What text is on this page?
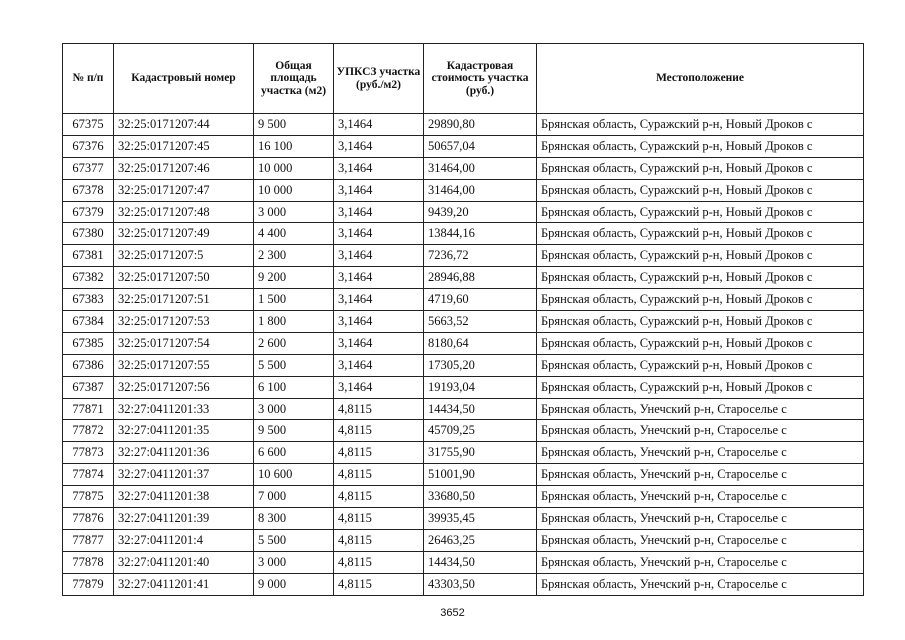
№ п/п	Кадастровый номер	Общая площадь участка (м2)	УПКСЗ участка (руб./м2)	Кадастровая стоимость участка (руб.)	Местоположение
67375	32:25:0171207:44	9 500	3,1464	29890,80	Брянская область, Суражский р-н, Новый Дроков с
67376	32:25:0171207:45	16 100	3,1464	50657,04	Брянская область, Суражский р-н, Новый Дроков с
67377	32:25:0171207:46	10 000	3,1464	31464,00	Брянская область, Суражский р-н, Новый Дроков с
67378	32:25:0171207:47	10 000	3,1464	31464,00	Брянская область, Суражский р-н, Новый Дроков с
67379	32:25:0171207:48	3 000	3,1464	9439,20	Брянская область, Суражский р-н, Новый Дроков с
67380	32:25:0171207:49	4 400	3,1464	13844,16	Брянская область, Суражский р-н, Новый Дроков с
67381	32:25:0171207:5	2 300	3,1464	7236,72	Брянская область, Суражский р-н, Новый Дроков с
67382	32:25:0171207:50	9 200	3,1464	28946,88	Брянская область, Суражский р-н, Новый Дроков с
67383	32:25:0171207:51	1 500	3,1464	4719,60	Брянская область, Суражский р-н, Новый Дроков с
67384	32:25:0171207:53	1 800	3,1464	5663,52	Брянская область, Суражский р-н, Новый Дроков с
67385	32:25:0171207:54	2 600	3,1464	8180,64	Брянская область, Суражский р-н, Новый Дроков с
67386	32:25:0171207:55	5 500	3,1464	17305,20	Брянская область, Суражский р-н, Новый Дроков с
67387	32:25:0171207:56	6 100	3,1464	19193,04	Брянская область, Суражский р-н, Новый Дроков с
77871	32:27:0411201:33	3 000	4,8115	14434,50	Брянская область, Унечский р-н, Староселье с
77872	32:27:0411201:35	9 500	4,8115	45709,25	Брянская область, Унечский р-н, Староселье с
77873	32:27:0411201:36	6 600	4,8115	31755,90	Брянская область, Унечский р-н, Староселье с
77874	32:27:0411201:37	10 600	4,8115	51001,90	Брянская область, Унечский р-н, Староселье с
77875	32:27:0411201:38	7 000	4,8115	33680,50	Брянская область, Унечский р-н, Староселье с
77876	32:27:0411201:39	8 300	4,8115	39935,45	Брянская область, Унечский р-н, Староселье с
77877	32:27:0411201:4	5 500	4,8115	26463,25	Брянская область, Унечский р-н, Староселье с
77878	32:27:0411201:40	3 000	4,8115	14434,50	Брянская область, Унечский р-н, Староселье с
77879	32:27:0411201:41	9 000	4,8115	43303,50	Брянская область, Унечский р-н, Староселье с
3652
